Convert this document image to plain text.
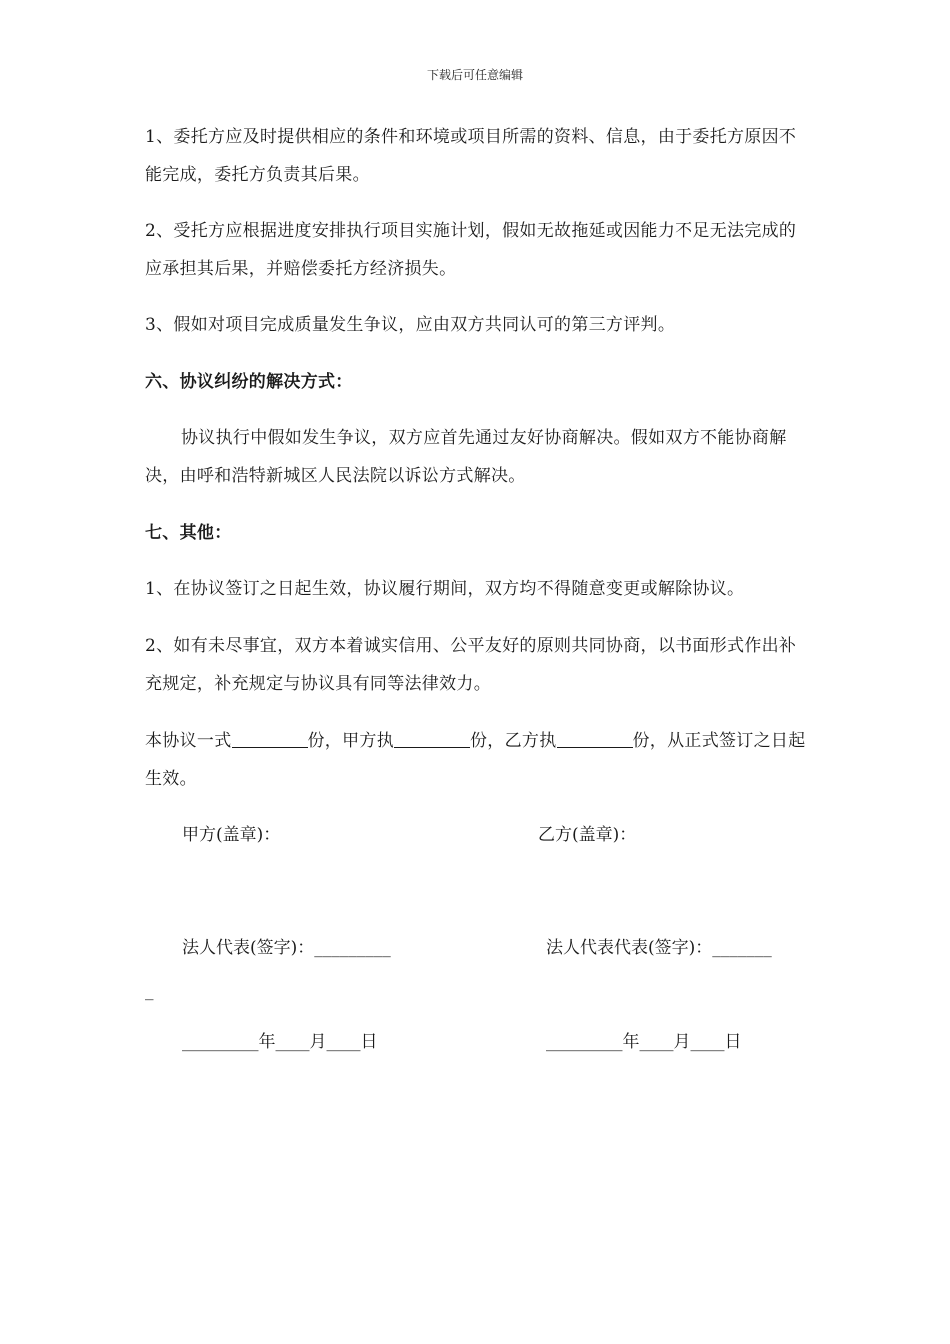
下载后可任意编辑
1、委托方应及时提供相应的条件和环境或项目所需的资料、信息，由于委托方原因不能完成，委托方负责其后果。
2、受托方应根据进度安排执行项目实施计划，假如无故拖延或因能力不足无法完成的应承担其后果，并赔偿委托方经济损失。
3、假如对项目完成质量发生争议，应由双方共同认可的第三方评判。
六、协议纠纷的解决方式：
协议执行中假如发生争议，双方应首先通过友好协商解决。假如双方不能协商解决，由呼和浩特新城区人民法院以诉讼方式解决。
七、其他：
1、在协议签订之日起生效，协议履行期间，双方均不得随意变更或解除协议。
2、如有未尽事宜，双方本着诚实信用、公平友好的原则共同协商，以书面形式作出补充规定，补充规定与协议具有同等法律效力。
本协议一式	份，甲方执	份，乙方执	份，从正式签订之日起生效。
甲方(盖章)：	乙方(盖章)：
法人代表(签字)：_________	法人代表代表(签字)：_______
_
_________年____月____日	_________年____月____日
